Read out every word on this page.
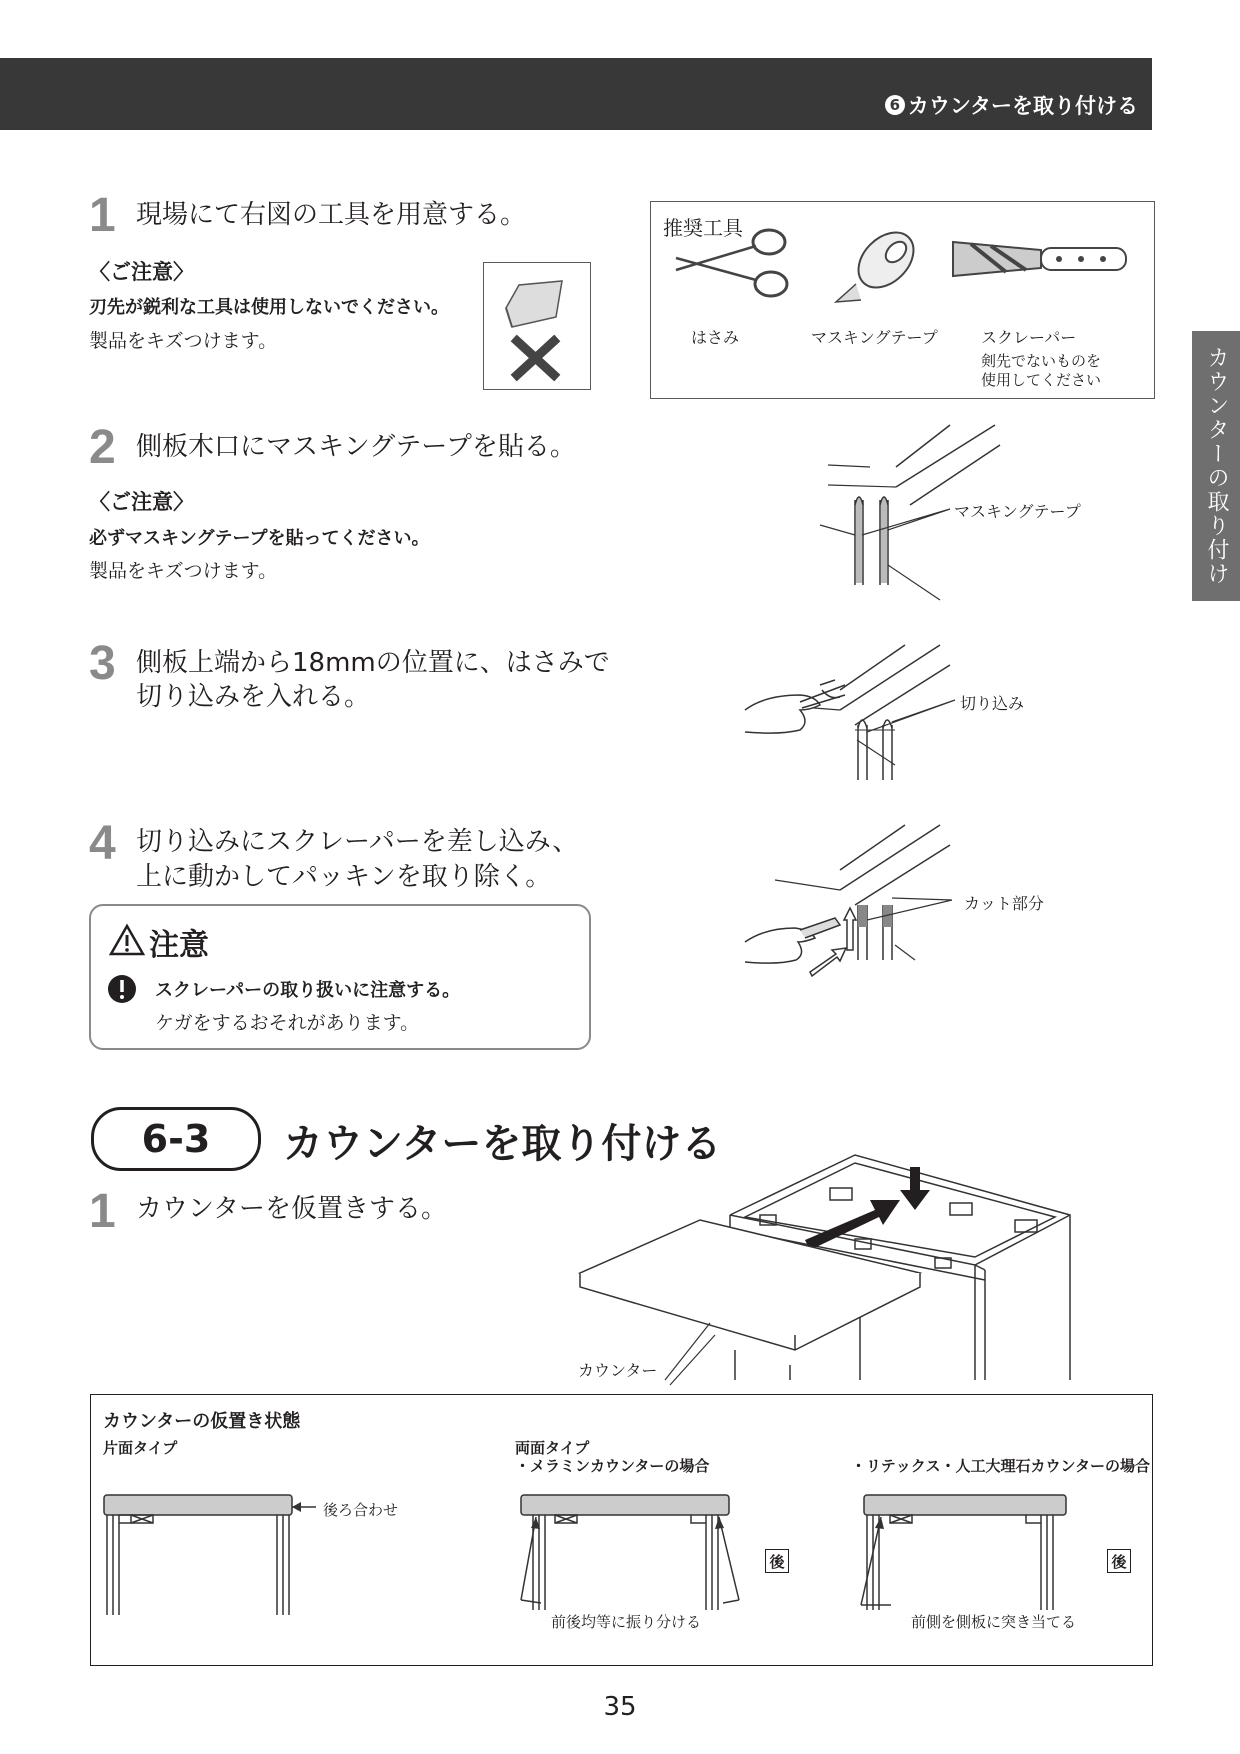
6 カウンターを取り付ける
カウンターの取り付け
1 現場にて右図の工具を用意する。
〈ご注意〉
刃先が鋭利な工具は使用しないでください。
製品をキズつけます。
推奨工具
はさみ	マスキングテープ	スクレーパー
剣先でないものを
使用してください
2 側板木口にマスキングテープを貼る。
〈ご注意〉
必ずマスキングテープを貼ってください。
製品をキズつけます。
マスキングテープ
3 側板上端から18mmの位置に、はさみで
切り込みを入れる。	切り込み
4 切り込みにスクレーパーを差し込み、
上に動かしてパッキンを取り除く。
カット部分
注意
スクレーパーの取り扱いに注意する。
ケガをするおそれがあります。
6-3	カウンターを取り付ける
1 カウンターを仮置きする。
カウンター
カウンターの仮置き状態
片面タイプ	両面タイプ
・メラミンカウンターの場合	・リテックス・人工大理石カウンターの場合
後ろ合わせ
後	後
前後均等に振り分ける	前側を側板に突き当てる
35
